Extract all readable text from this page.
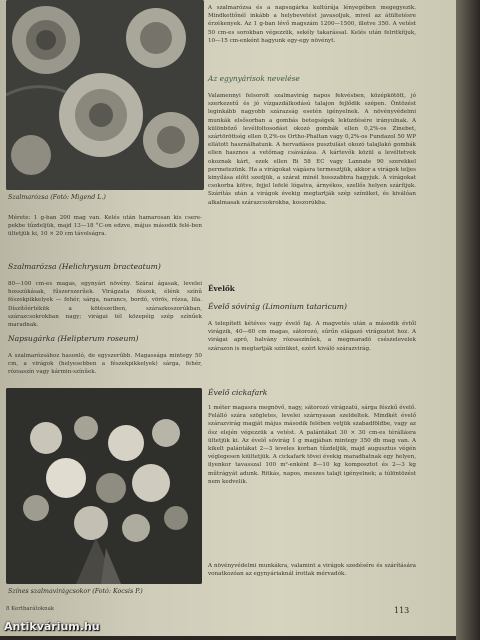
Szalmarózsa (Fotó: Migend L.)

Mérete: 1 g-ban 200 mag van. Kelés után hamarosan kis csere-pekbe tűzdeljük, majd 13—18 °C-on edzve, május második felé-ben ültetjük ki, 10 × 20 cm távolságra.

Szalmarózsa (Helichrysum bracteatum)

80—100 cm-es magas, egynyári növény. Szárai ágasak, levelei hosszúkásak, fűszerszerűek. Virágzata fészek, élénk színű fészekpikkelyek — fehér, sárga, narancs, bordó, vörös, rózsa, lila. Díszítőértékük a kötészetben, szárazkoszorúkban, szárazcsokrokban nagy; virágai tél közepéig szép színűek maradnak.

Napsugárka (Helipterum roseum)

A szalmarózsához hasonló, de egyszerűbb. Magassága mintegy 50 cm, a virágok (helyesebben a fészekpikkelyek) sárga, fehér, rózsaszín vagy kármin-színűek.

Színes szalmavirágcsokor (Fotó: Kocsis P.)
8 Kertbarátoknak

A szalmarózsa és a napsugárka kultúrája lényegében megegyezik. Mindkettőnél inkább a helybevetést javasoljuk, mivel az átültetésre érzékenyek. Az 1 g-ban lévő magszám 1200—1500, illetve 350. A vetést 50 cm-es sorokban végezzük, sekély takarással. Kelés után felritkítjuk, 10—15 cm-enként hagyunk egy-egy növényt.

Az egynyárisok nevelése

Valamennyi felsorolt szalmavirág napos fekvésben, középkötött, jó szerkezetű és jó vízgazdálkodású talajon fejlődik szépen. Öntözést leginkább nagyobb szárazság esetén igényelnek. A növényvédelmi munkák elsősorban a gombás betegségek leküzdésére irányulnak. A különböző levélfoltosodást okozó gombák ellen 0,2%-os Zinebet, szártöröttség ellen 0,2%-os Ortho-Phaltan vagy 0,2%-os Fundazol 50 WP ellátott használhatunk. A hervadásos pusztulást okozó talajlakó gombák ellen hasznos a vetőmag csávázása. A kártevők közül a levéltetvek okoznak kárt, ezek ellen Bi 58 EC vagy Lannate 90 szerekkel permetezünk. Ha a virágokat vágásra termesztjük, akkor a virágok teljes kinyílása előtt szedjük, a szárat minél hosszabbra hagyjuk. A virágokat csokorba kötve, fejjel lefelé lógatva, árnyékos, szellős helyen szárítjuk. Szárítás után a virágok évekig megtartják szép színüket, és kiválóan alkalmasak szárazcsokrokba, koszorúkba.

Évelők

Évelő sóvirág (Limonium tataricum)

A telepített kétéves vagy évelő faj. A magvetés után a második évtől virágzik, 40—60 cm magas, sátorozó, sűrűn elágazó virágzatot hoz. A virágai apró, halvány rózsaszínűek, a megmaradó csészelevelek szárazon is megtartják színüket, ezért kiváló szárazvirág.

Évelő cickafark

1 méter magasra megnövő, nagy, sátorozó virágzatú, sárga fészkű évelő. Felálló szára szögletes, levelei szárnyasan szeldeltek. Mindkét évelő szárazvirág magját május második felében vetjük szabadföldbe, vagy az ősz elején végezzük a vetést. A palántákat 30 × 30 cm-es térállásra ültetjük ki. Az évelő sóvirág 1 g magjában mintegy 350 db mag van. A kikelt palántákat 2—3 leveles korban tűzdeljük, majd augusztus végén véglegesen kiültetjük. A cickafark tövei évekig maradhatnak egy helyen, ilyenkor tavasszal 100 m²-enként 8—10 kg komposztot és 2—3 kg műtrágyát adunk. Ritkás, napos, meszes talajt igényelnek; a túlöntözést nem kedvelik.

A növényvédelmi munkákra, valamint a virágok szedésére és szárítására vonatkozóan az egynyáriaknál írottak mérvadók.

113
Antikvárium.hu
